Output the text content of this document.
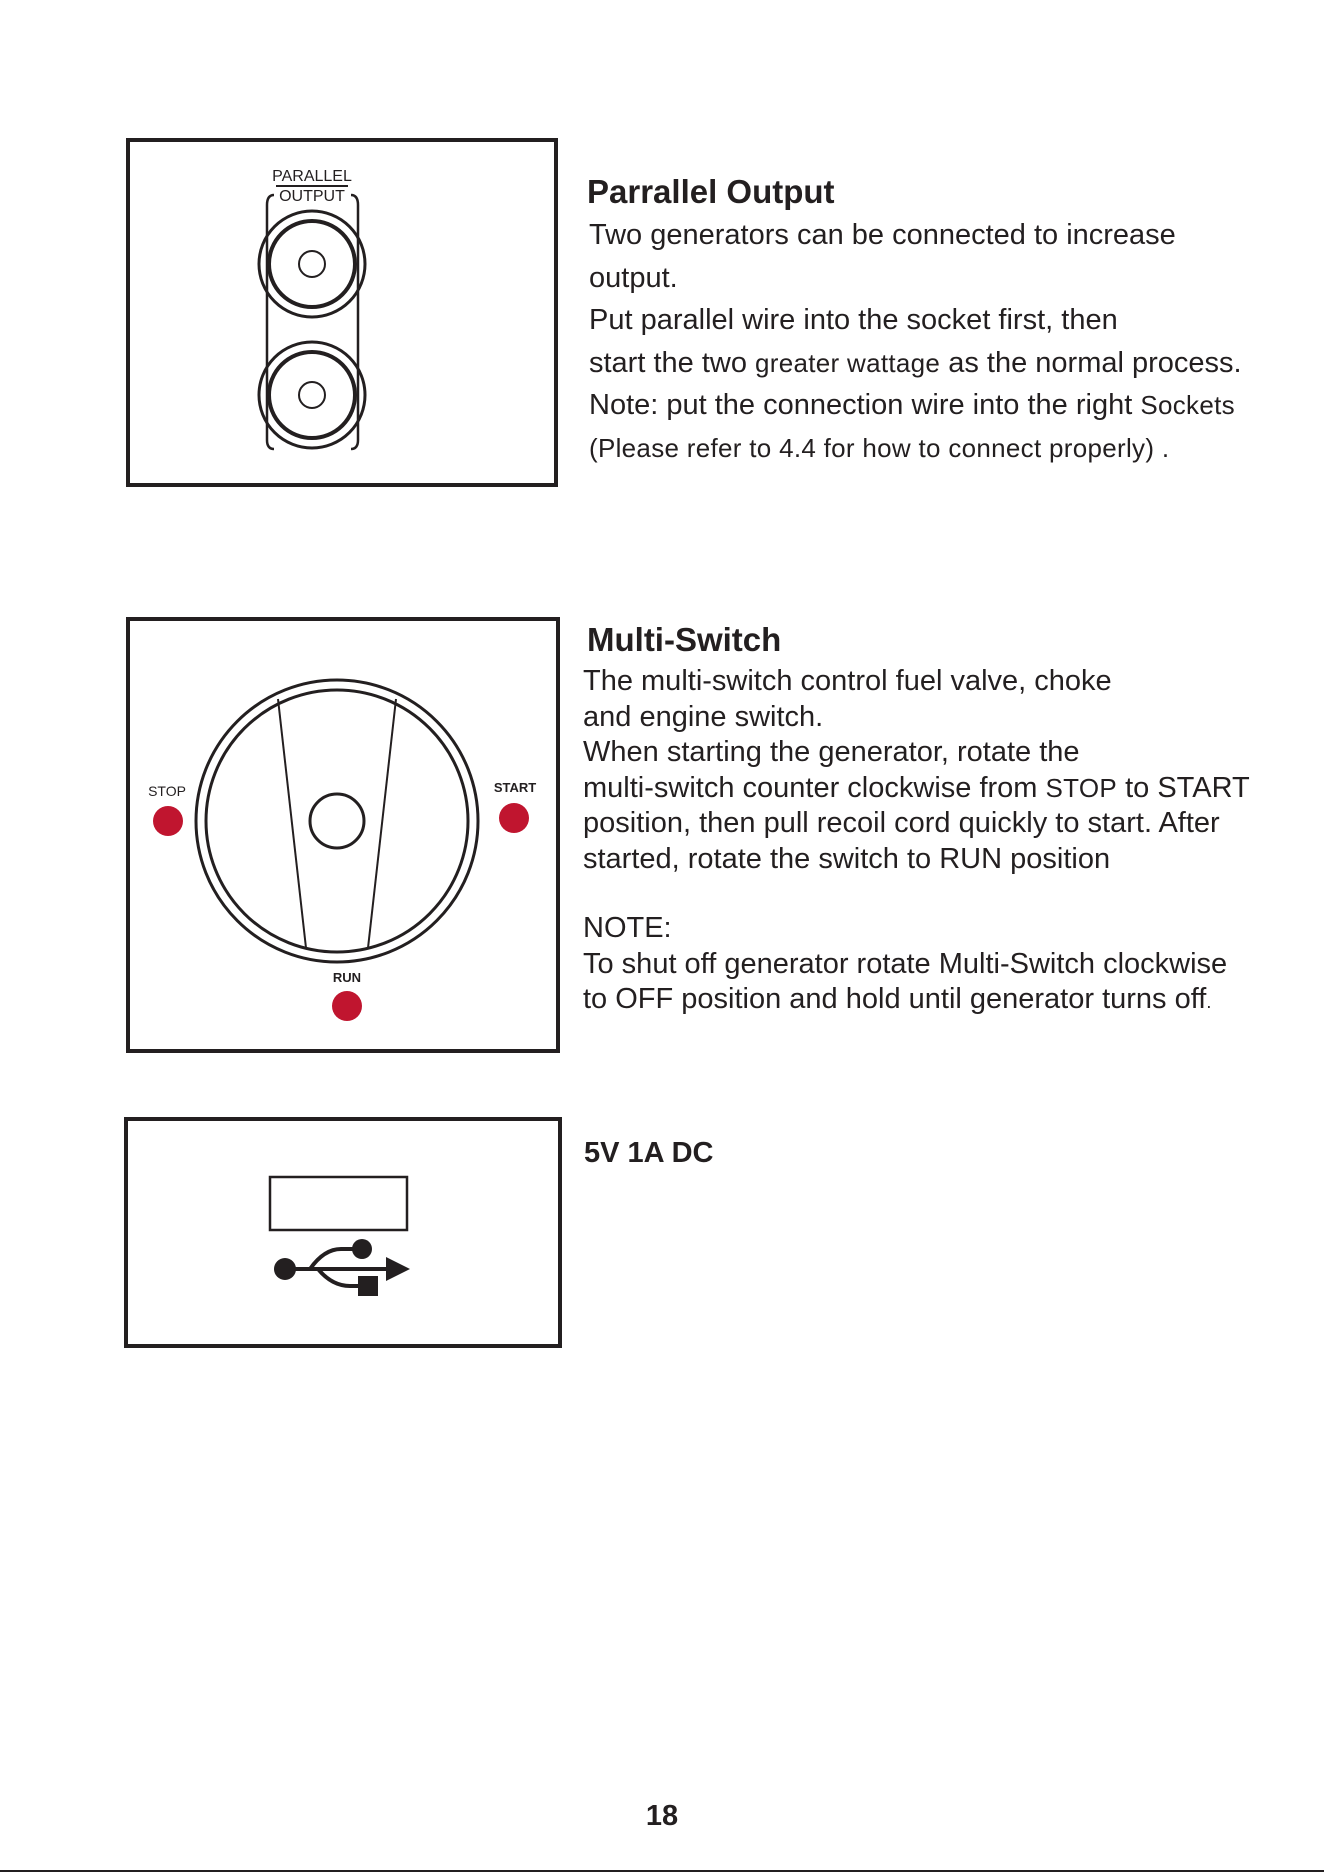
PARALLEL
OUTPUT	Parrallel Output
Two generators can be connected to increase
output.
Put parallel wire into the socket first, then
start the two greater wattage as the normal process.
Note: put the connection wire into the right Sockets
(Please refer to 4.4 for how to connect properly) .
STOP	START
RUN
Multi-Switch
The multi-switch control fuel valve, choke
and engine switch.
When starting the generator, rotate the
multi-switch counter clockwise from STOP to START
position, then pull recoil cord quickly to start. After
started, rotate the switch to RUN position
NOTE:
To shut off generator rotate Multi-Switch clockwise
to OFF position and hold until generator turns off.
5V 1A DC
18
